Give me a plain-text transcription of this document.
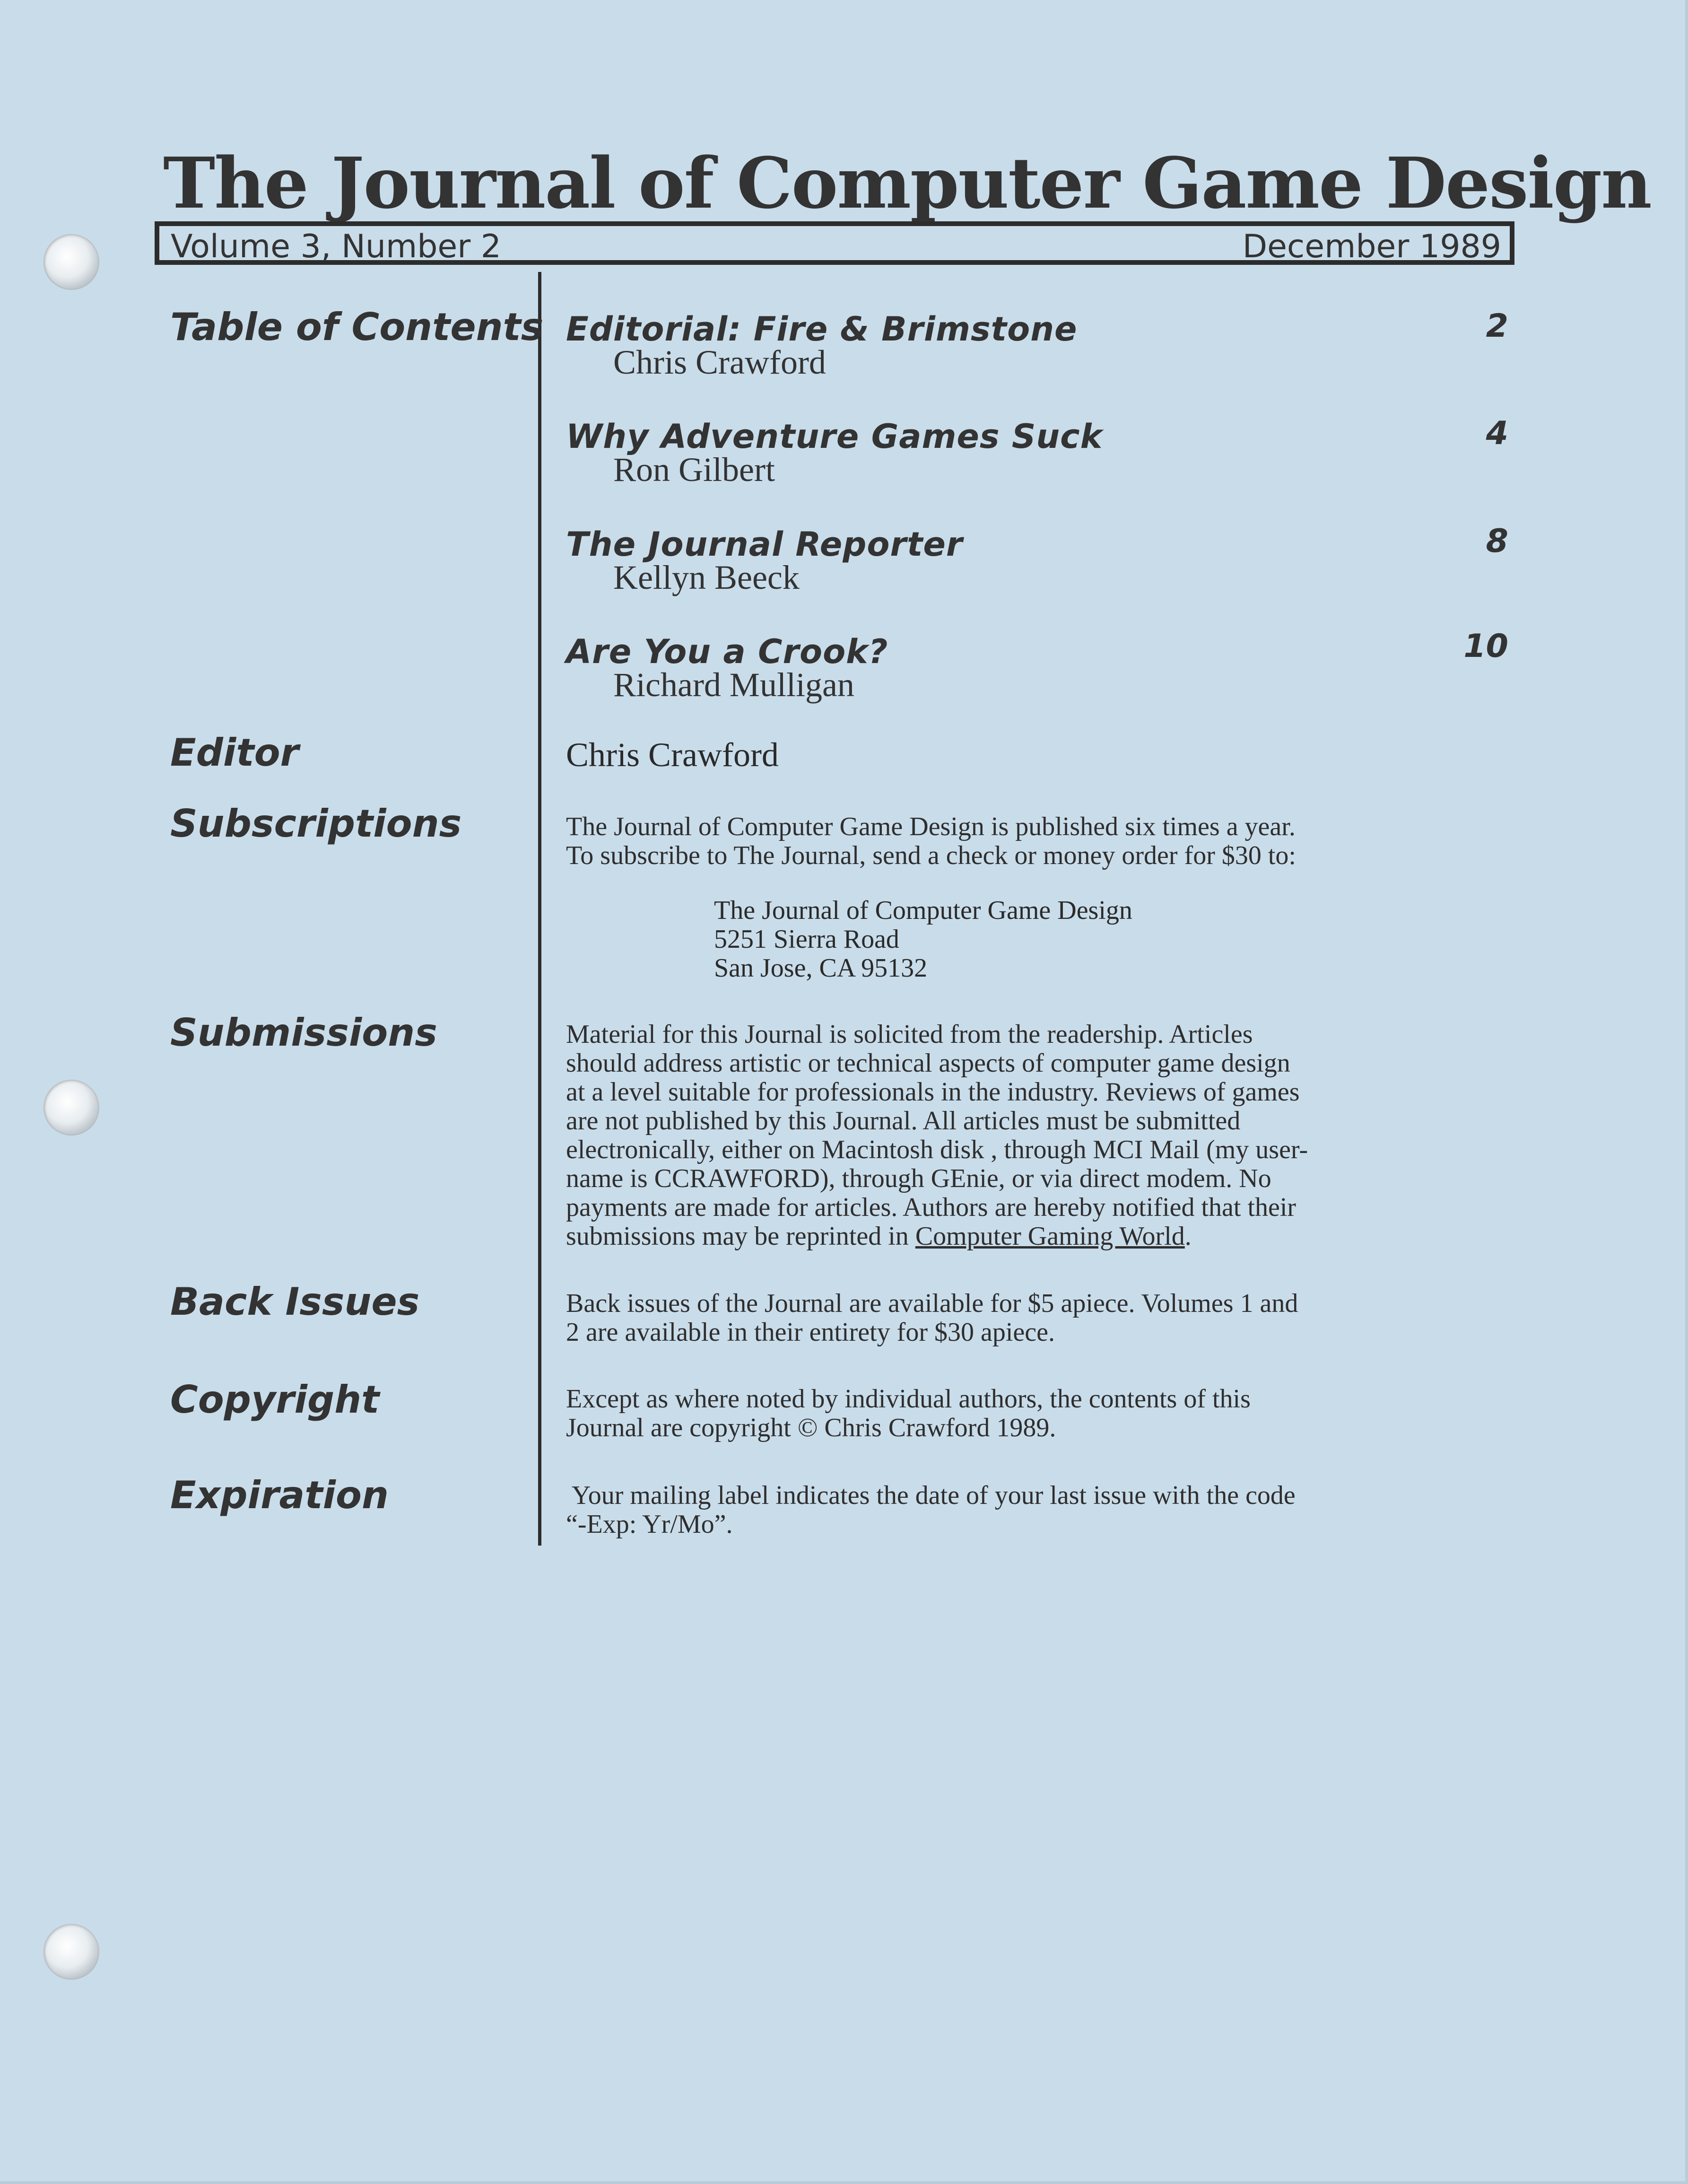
The Journal of Computer Game Design
Volume 3, Number 2	December 1989
Table of Contents
Editor
Subscriptions
Submissions
Back Issues
Copyright
Expiration
Editorial: Fire & Brimstone
Chris Crawford
2
Why Adventure Games Suck
Ron Gilbert
4
The Journal Reporter
Kellyn Beeck
8
Are You a Crook?
Richard Mulligan
10
Chris Crawford

The Journal of Computer Game Design is published six times a year.

To subscribe to The Journal, send a check or money order for $30 to:

The Journal of Computer Game Design
5251 Sierra Road
San Jose, CA 95132

Material for this Journal is solicited from the readership. Articles

should address artistic or technical aspects of computer game design

at a level suitable for professionals in the industry. Reviews of games

are not published by this Journal. All articles must be submitted

electronically, either on Macintosh disk , through MCI Mail (my user-

name is CCRAWFORD), through GEnie, or via direct modem. No

payments are made for articles. Authors are hereby notified that their

submissions may be reprinted in Computer Gaming World.

Back issues of the Journal are available for $5 apiece. Volumes 1 and

2 are available in their entirety for $30 apiece.

Except as where noted by individual authors, the contents of this

Journal are copyright © Chris Crawford 1989.

Your mailing label indicates the date of your last issue with the code

“-Exp: Yr/Mo”.
